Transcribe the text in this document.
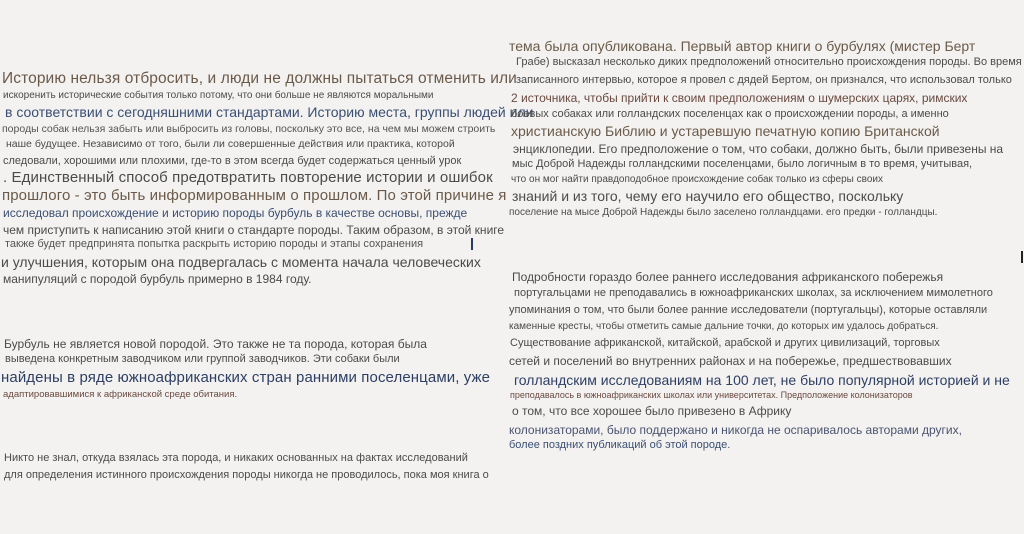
Историю нельзя отбросить, и люди не должны пытаться отменить или
искоренить исторические события только потому, что они больше не являются моральными
в соответствии с сегодняшними стандартами. Историю места, группы людей или
породы собак нельзя забыть или выбросить из головы, поскольку это все, на чем мы можем строить
наше будущее. Независимо от того, были ли совершенные действия или практика, которой
следовали, хорошими или плохими, где-то в этом всегда будет содержаться ценный урок
. Единственный способ предотвратить повторение истории и ошибок
прошлого - это быть информированным о прошлом. По этой причине я
исследовал происхождение и историю породы бурбуль в качестве основы, прежде
чем приступить к написанию этой книги о стандарте породы. Таким образом, в этой книге
также будет предпринята попытка раскрыть историю породы и этапы сохранения
и улучшения, которым она подвергалась с момента начала человеческих
манипуляций с породой бурбуль примерно в 1984 году.
Бурбуль не является новой породой. Это также не та порода, которая была
выведена конкретным заводчиком или группой заводчиков. Эти собаки были
найдены в ряде южноафриканских стран ранними поселенцами, уже
адаптировавшимися к африканской среде обитания.
Никто не знал, откуда взялась эта порода, и никаких основанных на фактах исследований
для определения истинного происхождения породы никогда не проводилось, пока моя книга о
тема была опубликована. Первый автор книги о бурбулях (мистер Берт
Грабе) высказал несколько диких предположений относительно происхождения породы. Во время
записанного интервью, которое я провел с дядей Бертом, он признался, что использовал только
2 источника, чтобы прийти к своим предположениям о шумерских царях, римских
боевых собаках или голландских поселенцах как о происхождении породы, а именно
христианскую Библию и устаревшую печатную копию Британской
энциклопедии. Его предположение о том, что собаки, должно быть, были привезены на
мыс Доброй Надежды голландскими поселенцами, было логичным в то время, учитывая,
что он мог найти правдоподобное происхождение собак только из сферы своих
знаний и из того, чему его научило его общество, поскольку
поселение на мысе Доброй Надежды было заселено голландцами. его предки - голландцы.
Подробности гораздо более раннего исследования африканского побережья
португальцами не преподавались в южноафриканских школах, за исключением мимолетного
упоминания о том, что были более ранние исследователи (португальцы), которые оставляли
каменные кресты, чтобы отметить самые дальние точки, до которых им удалось добраться.
Существование африканской, китайской, арабской и других цивилизаций, торговых
сетей и поселений во внутренних районах и на побережье, предшествовавших
голландским исследованиям на 100 лет, не было популярной историей и не
преподавалось в южноафриканских школах или университетах. Предположение колонизаторов
о том, что все хорошее было привезено в Африку
колонизаторами, было поддержано и никогда не оспаривалось авторами других,
более поздних публикаций об этой породе.
